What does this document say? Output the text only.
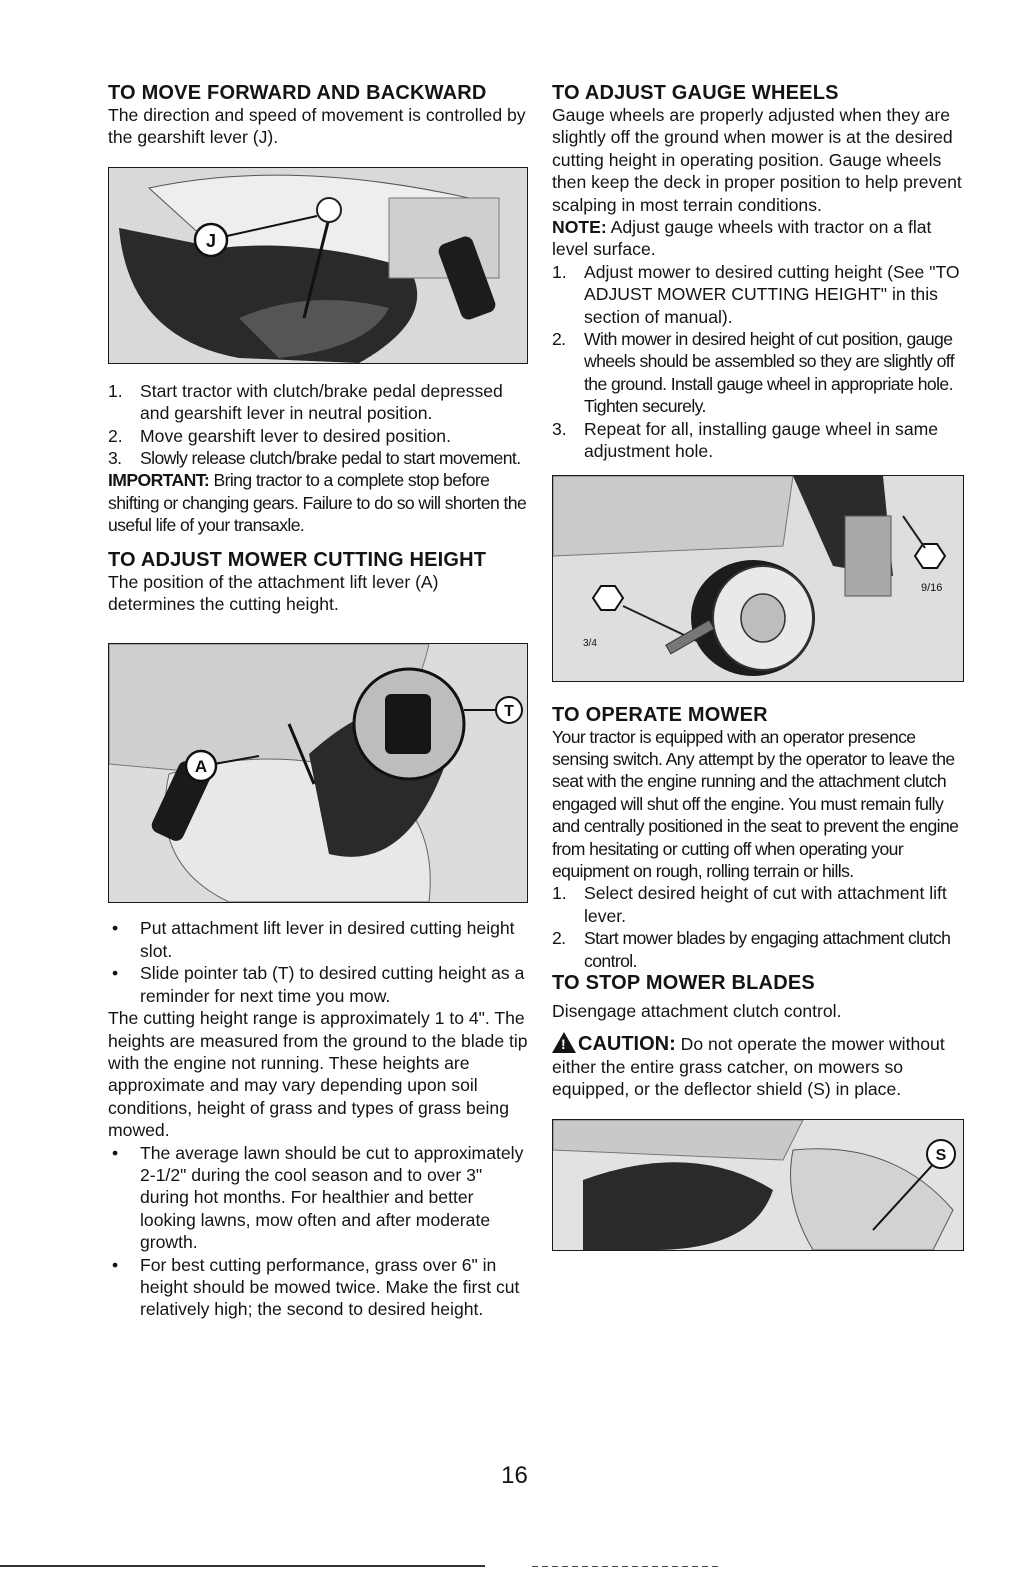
TO MOVE FORWARD AND BACKWARD

The direction and speed of movement is controlled by the gearshift lever (J).

J
1. Start tractor with clutch/brake pedal depressed and gearshift lever in neutral position.
2. Move gearshift lever to desired position.
3. Slowly release clutch/brake pedal to start movement.

IMPORTANT: Bring tractor to a complete stop before shifting or changing gears. Failure to do so will shorten the useful life of your transaxle.

TO ADJUST MOWER CUTTING HEIGHT

The position of the attachment lift lever (A) determines the cutting height.

T
A
• Put attachment lift lever in desired cutting height slot.
• Slide pointer tab (T) to desired cutting height as a reminder for next time you mow.

The cutting height range is approximately 1 to 4". The heights are measured from the ground to the blade tip with the engine not running. These heights are approximate and may vary depending upon soil conditions, height of grass and types of grass being mowed.

• The average lawn should be cut to approximately 2-1/2" during the cool season and to over 3" during hot months. For healthier and better looking lawns, mow often and after moderate growth.
• For best cutting performance, grass over 6" in height should be mowed twice. Make the first cut relatively high; the second to desired height.
TO ADJUST GAUGE WHEELS

Gauge wheels are properly adjusted when they are slightly off the ground when mower is at the desired cutting height in operating position. Gauge wheels then keep the deck in proper position to help prevent scalping in most terrain conditions.

NOTE: Adjust gauge wheels with tractor on a flat level surface.

1. Adjust mower to desired cutting height (See "TO ADJUST MOWER CUTTING HEIGHT" in this section of manual).
2. With mower in desired height of cut position, gauge wheels should be assembled so they are slightly off the ground. Install gauge wheel in appropriate hole. Tighten securely.
3. Repeat for all, installing gauge wheel in same adjustment hole.
9/16
3/4
TO OPERATE MOWER

Your tractor is equipped with an operator presence sensing switch. Any attempt by the operator to leave the seat with the engine running and the attachment clutch engaged will shut off the engine. You must remain fully and centrally positioned in the seat to prevent the engine from hesitating or cutting off when operating your equipment on rough, rolling terrain or hills.

1. Select desired height of cut with attachment lift lever.
2. Start mower blades by engaging attachment clutch control.
TO STOP MOWER BLADES

Disengage attachment clutch control.

!CAUTION: Do not operate the mower without either the entire grass catcher, on mowers so equipped, or the deflector shield (S) in place.

S
16
